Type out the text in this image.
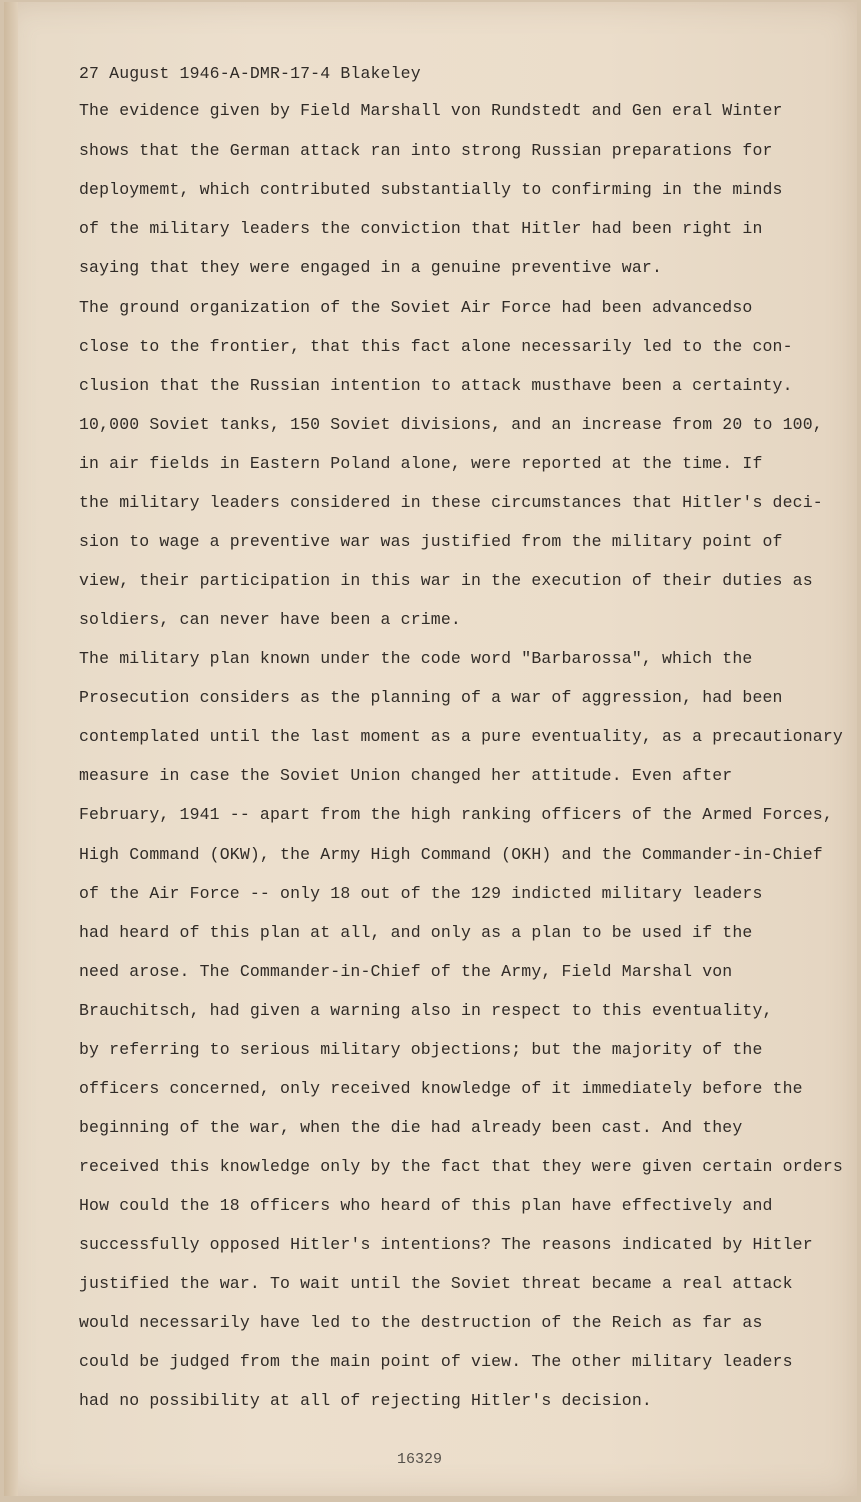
27 August 1946-A-DMR-17-4 Blakeley
The evidence given by Field Marshall von Rundstedt and Gen eral Winter
shows that the German attack ran into strong Russian preparations for
deploymemt, which contributed substantially to confirming in the minds
of the military leaders the conviction that Hitler had been right in
saying that they were engaged in a genuine preventive war.
The ground organization of the Soviet Air Force had been advancedso
close to the frontier, that this fact alone necessarily led to the con-
clusion that the Russian intention to attack musthave been a certainty.
10,000 Soviet tanks, 150 Soviet divisions, and an increase from 20 to 100,
in air fields in Eastern Poland alone, were reported at the time. If
the military leaders considered in these circumstances that Hitler's deci-
sion to wage a preventive war was justified from the military point of
view, their participation in this war in the execution of their duties as
soldiers, can never have been a crime.
The military plan known under the code word "Barbarossa", which the
Prosecution considers as the planning of a war of aggression, had been
contemplated until the last moment as a pure eventuality, as a precautionary
measure in case the Soviet Union changed her attitude. Even after
February, 1941 -- apart from the high ranking officers of the Armed Forces,
High Command (OKW), the Army High Command (OKH) and the Commander-in-Chief
of the Air Force -- only 18 out of the 129 indicted military leaders
had heard of this plan at all, and only as a plan to be used if the
need arose. The Commander-in-Chief of the Army, Field Marshal von
Brauchitsch, had given a warning also in respect to this eventuality,
by referring to serious military objections; but the majority of the
officers concerned, only received knowledge of it immediately before the
beginning of the war, when the die had already been cast. And they
received this knowledge only by the fact that they were given certain orders
How could the 18 officers who heard of this plan have effectively and
successfully opposed Hitler's intentions? The reasons indicated by Hitler
justified the war. To wait until the Soviet threat became a real attack
would necessarily have led to the destruction of the Reich as far as
could be judged from the main point of view. The other military leaders
had no possibility at all of rejecting Hitler's decision.
16329
